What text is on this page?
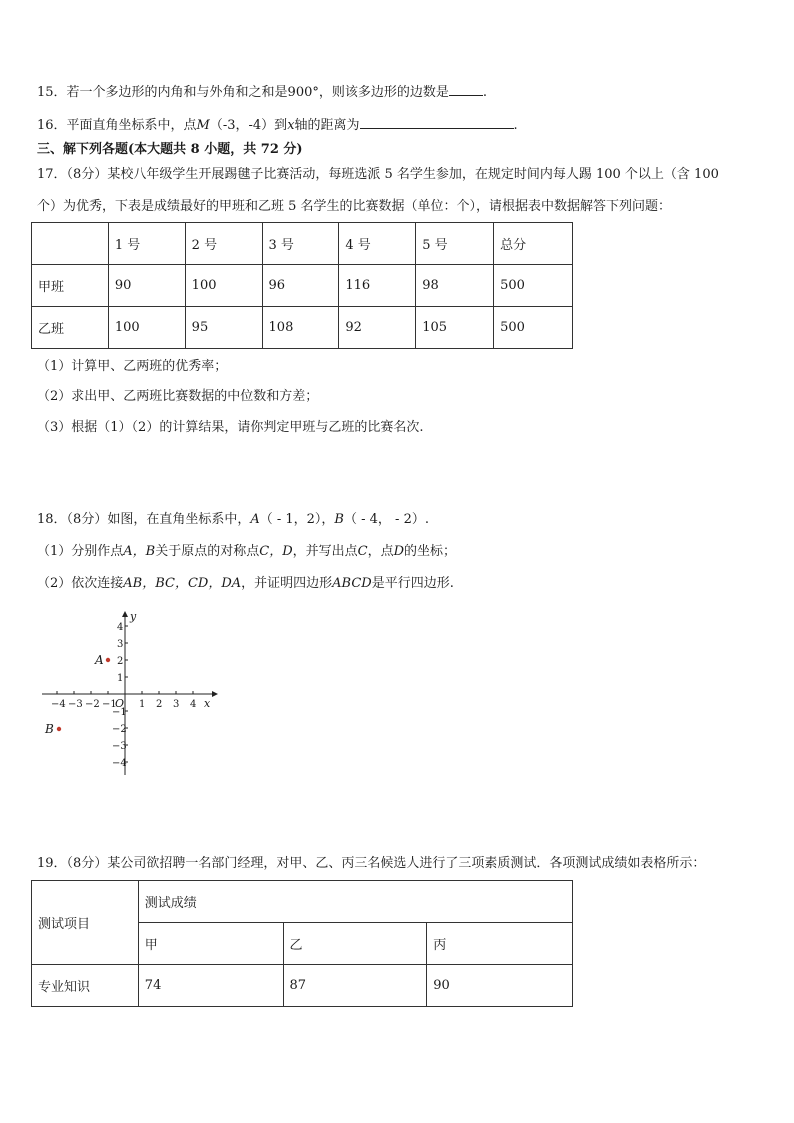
15．若一个多边形的内角和与外角和之和是900°，则该多边形的边数是	.
16．平面直角坐标系中，点M（-3，-4）到x轴的距离为	.
三、解下列各题(本大题共 8 小题，共 72 分)
17．（8分）某校八年级学生开展踢毽子比赛活动，每班选派 5 名学生参加，在规定时间内每人踢 100 个以上（含 100
个）为优秀，下表是成绩最好的甲班和乙班 5 名学生的比赛数据（单位：个），请根据表中数据解答下列问题：
	1 号	2 号	3 号	4 号	5 号	总分
甲班	90	100	96	116	98	500
乙班	100	95	108	92	105	500
（1）计算甲、乙两班的优秀率；
（2）求出甲、乙两班比赛数据的中位数和方差；
（3）根据（1）（2）的计算结果，请你判定甲班与乙班的比赛名次.
18．（8分）如图，在直角坐标系中，A（ - 1，2），B（ - 4， - 2）.
（1）分别作点A，B关于原点的对称点C，D，并写出点C，点D的坐标；
（2）依次连接AB，BC，CD，DA，并证明四边形ABCD是平行四边形.
−4 −3 −2 −1 1 2 3 4
4
3
2
1
−1
−2
−3
−4
x
y
O
A
B
19．（8分）某公司欲招聘一名部门经理，对甲、乙、丙三名候选人进行了三项素质测试．各项测试成绩如表格所示：
测试项目	测试成绩		
	甲	乙	丙
专业知识	74	87	90
